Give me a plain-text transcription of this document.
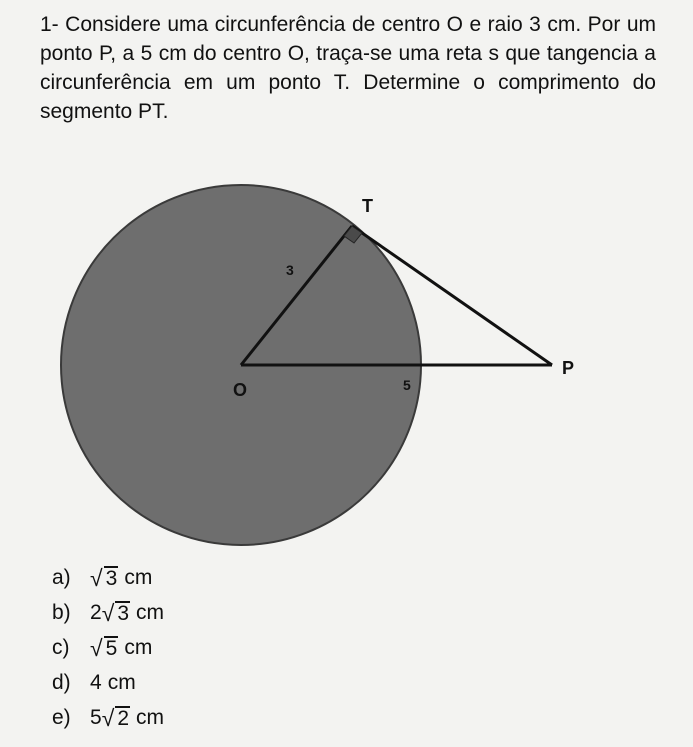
1- Considere uma circunferência de centro O e raio 3 cm. Por um ponto P, a 5 cm do centro O, traça-se uma reta s que tangencia a circunferência em um ponto T. Determine o comprimento do segmento PT.
T
3
O	5
P
a) √ 3 cm
b) 2 √ 3 cm
c) √ 5 cm
d) 4 cm
e) 5 √ 2 cm
